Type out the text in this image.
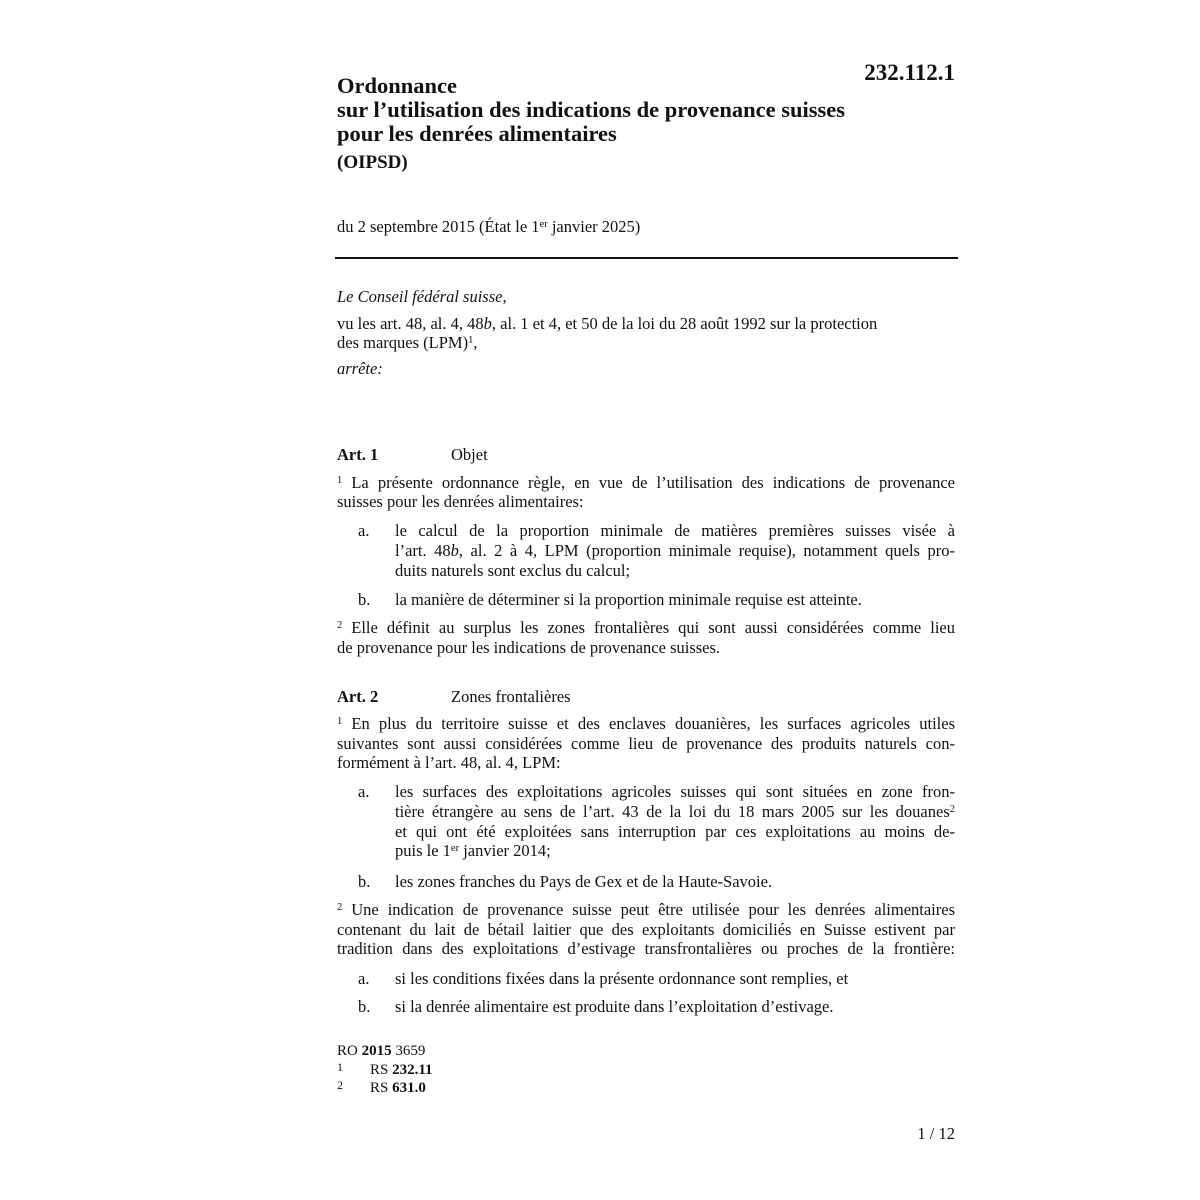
232.112.1
Ordonnance
sur l’utilisation des indications de provenance suisses
pour les denrées alimentaires
(OIPSD)
du 2 septembre 2015 (État le 1er janvier 2025)
Art. 1	Objet
Art. 2	Zones frontalières
Le Conseil fédéral suisse,
vu les art. 48, al. 4, 48b, al. 1 et 4, et 50 de la loi du 28 août 1992 sur la protection
des marques (LPM)$^1$,
arrête:
$^1$ La présente ordonnance règle, en vue de l’utilisation des indications de provenance
suisses pour les denrées alimentaires:
le calcul de la proportion minimale de matières premières suisses visée à
a.
l’art. 48b, al. 2 à 4, LPM (proportion minimale requise), notamment quels pro-
duits naturels sont exclus du calcul;
la manière de déterminer si la proportion minimale requise est atteinte.
b.
$^2$ Elle définit au surplus les zones frontalières qui sont aussi considérées comme lieu
de provenance pour les indications de provenance suisses.
$^1$ En plus du territoire suisse et des enclaves douanières, les surfaces agricoles utiles
suivantes sont aussi considérées comme lieu de provenance des produits naturels con-
formément à l’art. 48, al. 4, LPM:
les surfaces des exploitations agricoles suisses qui sont situées en zone fron-
a.
tière étrangère au sens de l’art. 43 de la loi du 18 mars 2005 sur les douanes$^2$
et qui ont été exploitées sans interruption par ces exploitations au moins de-
puis le 1er janvier 2014;
les zones franches du Pays de Gex et de la Haute-Savoie.
b.
$^2$ Une indication de provenance suisse peut être utilisée pour les denrées alimentaires
contenant du lait de bétail laitier que des exploitants domiciliés en Suisse estivent par
tradition dans des exploitations d’estivage transfrontalières ou proches de la frontière:
si les conditions fixées dans la présente ordonnance sont remplies, et
a.
si la denrée alimentaire est produite dans l’exploitation d’estivage.
b.
RO 2015 3659
1 RS 232.11
2 RS 631.0
1 / 12
